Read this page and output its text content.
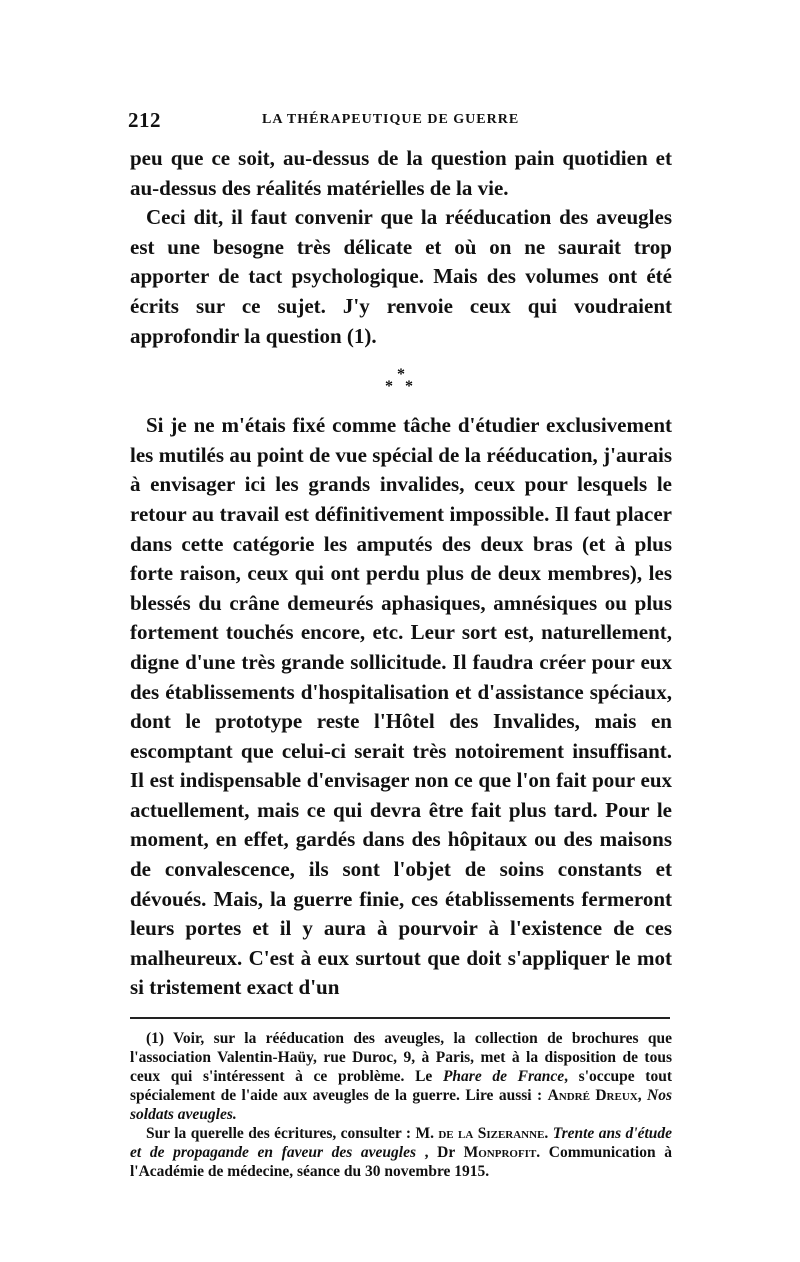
212	LA THÉRAPEUTIQUE DE GUERRE

peu que ce soit, au-dessus de la question pain quotidien et au-dessus des réalités matérielles de la vie.

Ceci dit, il faut convenir que la rééducation des aveugles est une besogne très délicate et où on ne saurait trop apporter de tact psychologique. Mais des volumes ont été écrits sur ce sujet. J'y renvoie ceux qui voudraient approfondir la question (1).

*
* *

Si je ne m'étais fixé comme tâche d'étudier exclusivement les mutilés au point de vue spécial de la rééducation, j'aurais à envisager ici les grands invalides, ceux pour lesquels le retour au travail est définitivement impossible. Il faut placer dans cette catégorie les amputés des deux bras (et à plus forte raison, ceux qui ont perdu plus de deux membres), les blessés du crâne demeurés aphasiques, amnésiques ou plus fortement touchés encore, etc. Leur sort est, naturellement, digne d'une très grande sollicitude. Il faudra créer pour eux des établissements d'hospitalisation et d'assistance spéciaux, dont le prototype reste l'Hôtel des Invalides, mais en escomptant que celui-ci serait très notoirement insuffisant. Il est indispensable d'envisager non ce que l'on fait pour eux actuellement, mais ce qui devra être fait plus tard. Pour le moment, en effet, gardés dans des hôpitaux ou des maisons de convalescence, ils sont l'objet de soins constants et dévoués. Mais, la guerre finie, ces établissements fermeront leurs portes et il y aura à pourvoir à l'existence de ces malheureux. C'est à eux surtout que doit s'appliquer le mot si tristement exact d'un

(1) Voir, sur la rééducation des aveugles, la collection de brochures que l'association Valentin-Haüy, rue Duroc, 9, à Paris, met à la disposition de tous ceux qui s'intéressent à ce problème. Le Phare de France, s'occupe tout spécialement de l'aide aux aveugles de la guerre. Lire aussi : André Dreux, Nos soldats aveugles.

Sur la querelle des écritures, consulter : M. de la Sizeranne. Trente ans d'étude et de propagande en faveur des aveugles , Dr Monprofit. Communication à l'Académie de médecine, séance du 30 novembre 1915.
